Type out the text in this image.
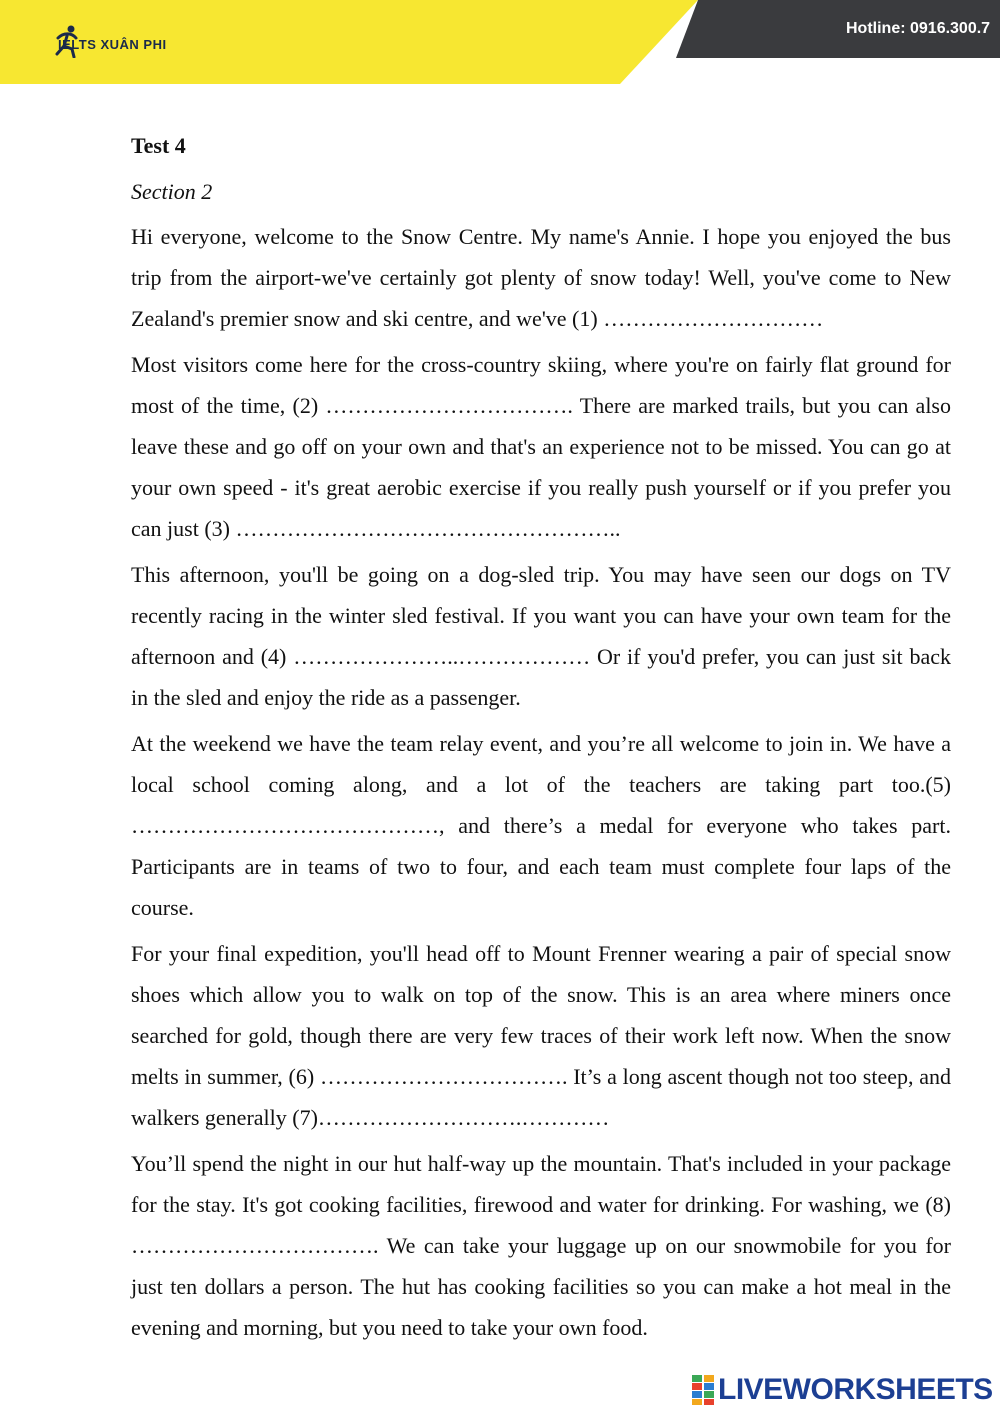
IELTS XUÂN PHI
Hotline: 0916.300.7

Test 4

Section 2

Hi everyone, welcome to the Snow Centre. My name's Annie. I hope you enjoyed the bus trip from the airport-we've certainly got plenty of snow today! Well, you've come to New Zealand's premier snow and ski centre, and we've (1) …………………………

Most visitors come here for the cross-country skiing, where you're on fairly flat ground for most of the time, (2) ……………………………. There are marked trails, but you can also leave these and go off on your own and that's an experience not to be missed. You can go at your own speed - it's great aerobic exercise if you really push yourself or if you prefer you can just (3) ……………………………………………..

This afternoon, you'll be going on a dog-sled trip. You may have seen our dogs on TV recently racing in the winter sled festival. If you want you can have your own team for the afternoon and (4) …………………..……………… Or if you'd prefer, you can just sit back in the sled and enjoy the ride as a passenger.

At the weekend we have the team relay event, and you’re all welcome to join in. We have a local school coming along, and a lot of the teachers are taking part too.(5) ……………………………………, and there’s a medal for everyone who takes part. Participants are in teams of two to four, and each team must complete four laps of the course.

For your final expedition, you'll head off to Mount Frenner wearing a pair of special snow shoes which allow you to walk on top of the snow. This is an area where miners once searched for gold, though there are very few traces of their work left now. When the snow melts in summer, (6) ……………………………. It’s a long ascent though not too steep, and walkers generally (7)……………………….…………

You’ll spend the night in our hut half-way up the mountain. That's included in your package for the stay. It's got cooking facilities, firewood and water for drinking. For washing, we (8) ……………………………. We can take your luggage up on our snowmobile for you for just ten dollars a person. The hut has cooking facilities so you can make a hot meal in the evening and morning, but you need to take your own food.

LIVEWORKSHEETS
